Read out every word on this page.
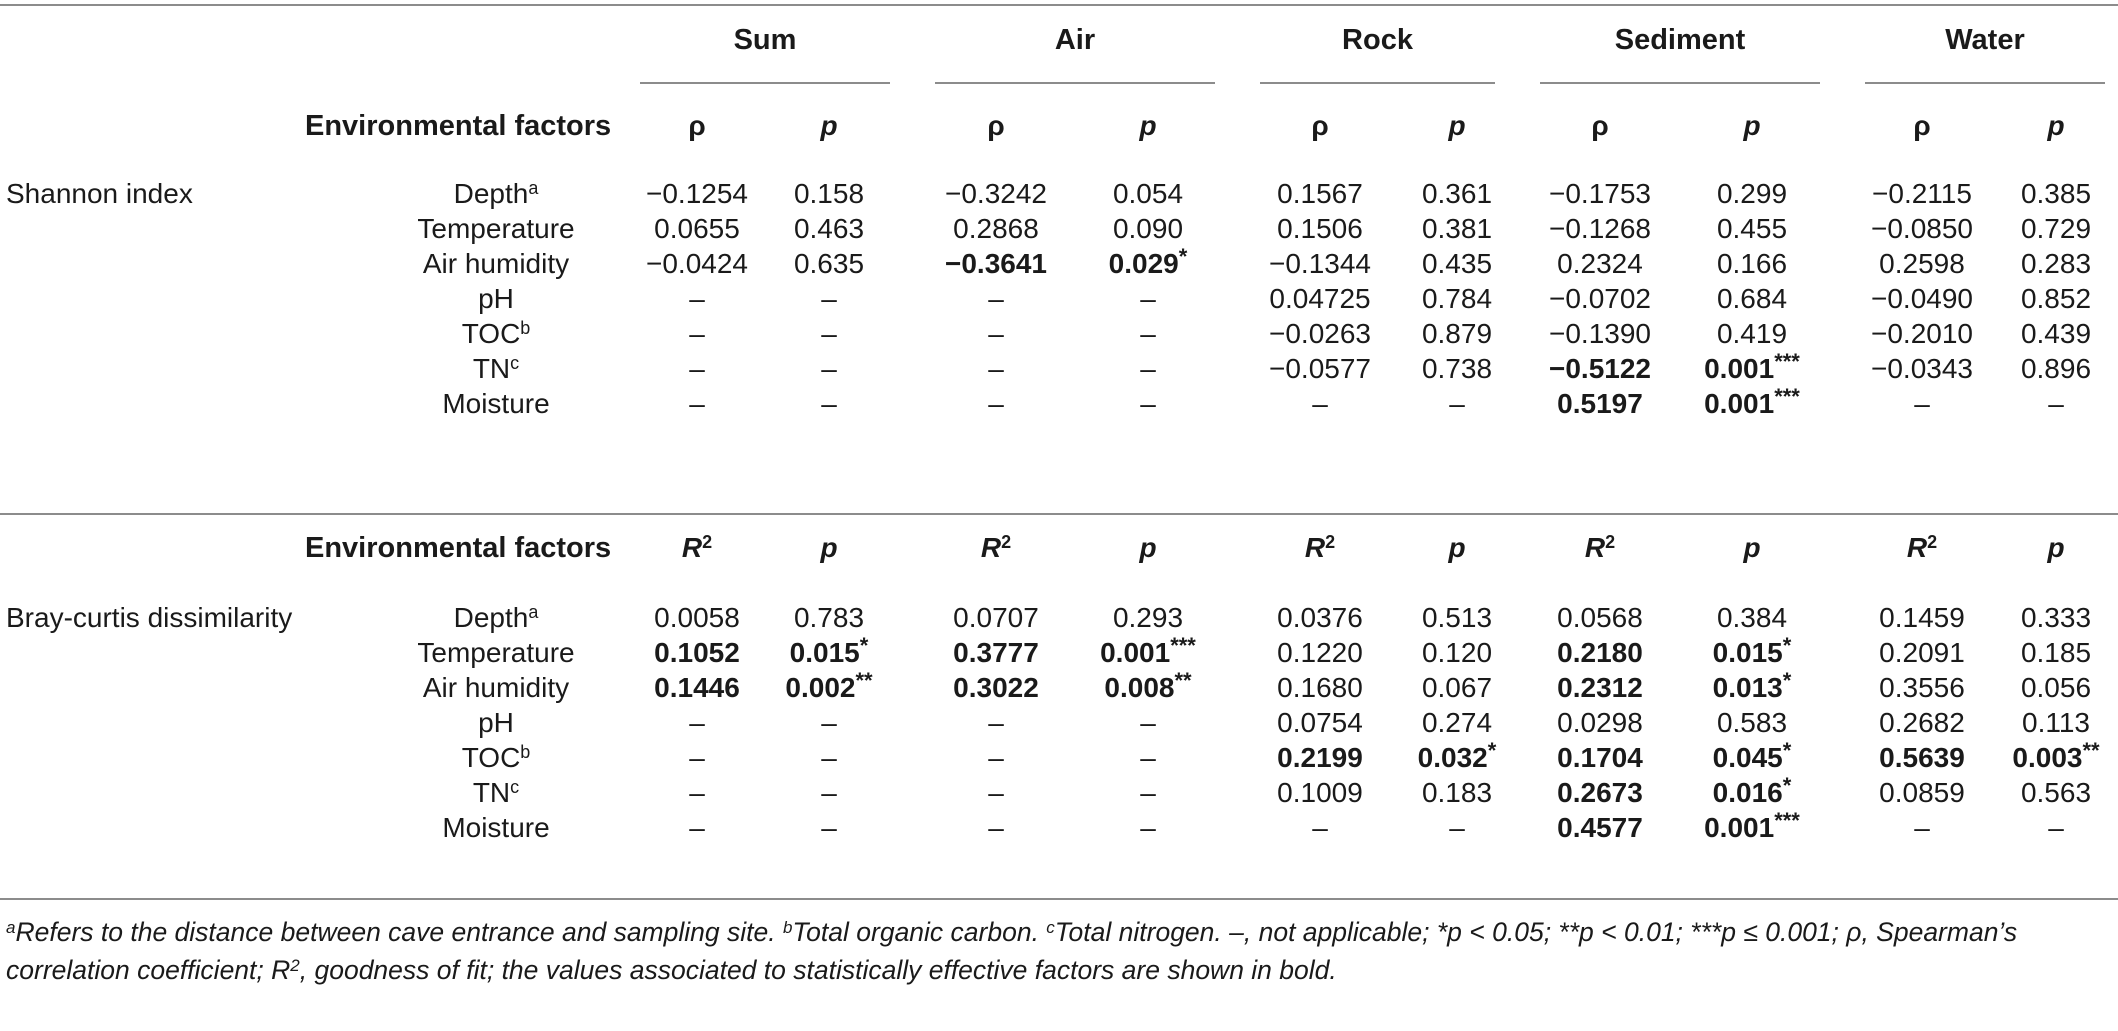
Sum	Air	Rock	Sediment	Water
Environmental factors	ρ	p	ρ	p	ρ	p	ρ	p	ρ	p
Shannon index	Depth$^a$	−0.1254	0.158	−0.3242	0.054	0.1567	0.361	−0.1753	0.299	−0.2115	0.385
Temperature	0.0655	0.463	0.2868	0.090	0.1506	0.381	−0.1268	0.455	−0.0850	0.729
Air humidity	−0.0424	0.635	−0.3641	0.029*	−0.1344	0.435	0.2324	0.166	0.2598	0.283
pH	–	–	–	–	0.04725	0.784	−0.0702	0.684	−0.0490	0.852
TOC$^b$	–	–	–	–	−0.0263	0.879	−0.1390	0.419	−0.2010	0.439
$TN^c$	–	–	–	–	−0.0577	0.738	−0.5122	0.001***	−0.0343	0.896
Moisture	–	–	–	–	–	–	0.5197	0.001***	–	–
Environmental factors	$R^2$	p	$R^2$	p	$R^2$	p	$R^2$	p	$R^2$	p
Bray-curtis dissimilarity	Depth$^a$	0.0058	0.783	0.0707	0.293	0.0376	0.513	0.0568	0.384	0.1459	0.333
Temperature	0.1052	0.015*	0.3777	0.001***	0.1220	0.120	0.2180	0.015*	0.2091	0.185
Air humidity	0.1446	0.002**	0.3022	0.008**	0.1680	0.067	0.2312	0.013*	0.3556	0.056
pH	–	–	–	–	0.0754	0.274	0.0298	0.583	0.2682	0.113
TOC$^b$	–	–	–	–	0.2199	0.032*	0.1704	0.045*	0.5639	0.003**
$TN^c$	–	–	–	–	0.1009	0.183	0.2673	0.016*	0.0859	0.563
Moisture	–	–	–	–	–	–	0.4577	0.001***	–	–
$^a$Refers to the distance between cave entrance and sampling site. $^b$Total organic carbon. $^c$Total nitrogen. –, not applicable; *p < 0.05; **p < 0.01; ***p ≤ 0.001; ρ, Spearman’s correlation coefficient; $R^2$, goodness of fit; the values associated to statistically effective factors are shown in bold.
